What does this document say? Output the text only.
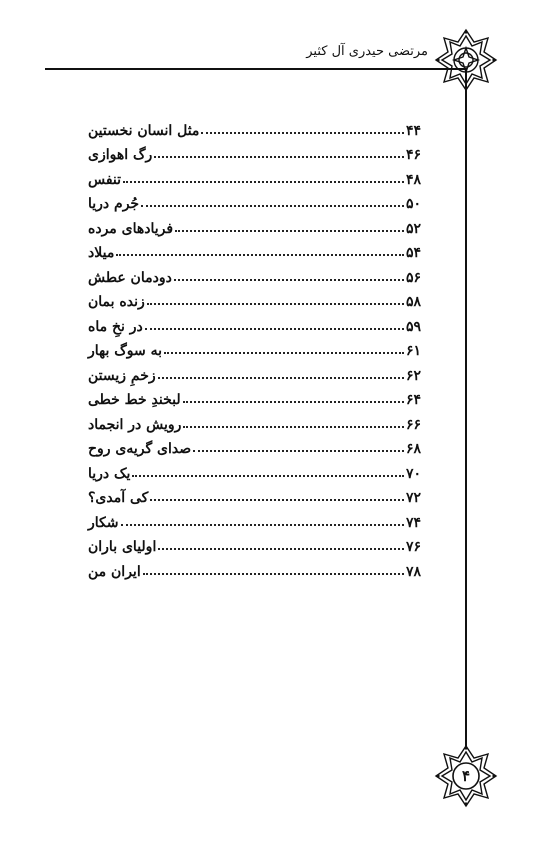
مرتضی حیدری آل کثیر
۴
مثل انسان نخستین	۴۴
رگ اهوازی	۴۶
تنفس	۴۸
جُرم دریا	۵۰
فریادهای مرده	۵۲
میلاد	۵۴
دودمان عطش	۵۶
زنده بمان	۵۸
در نخِ ماه	۵۹
به سوگ بهار	۶۱
زخمِ زیستن	۶۲
لبخندِ خط خطی	۶۴
رویش در انجماد	۶۶
صدای گریه‌ی روح	۶۸
یک دریا	۷۰
کی آمدی؟	۷۲
شکار	۷۴
اولیای باران	۷۶
ایران من	۷۸
